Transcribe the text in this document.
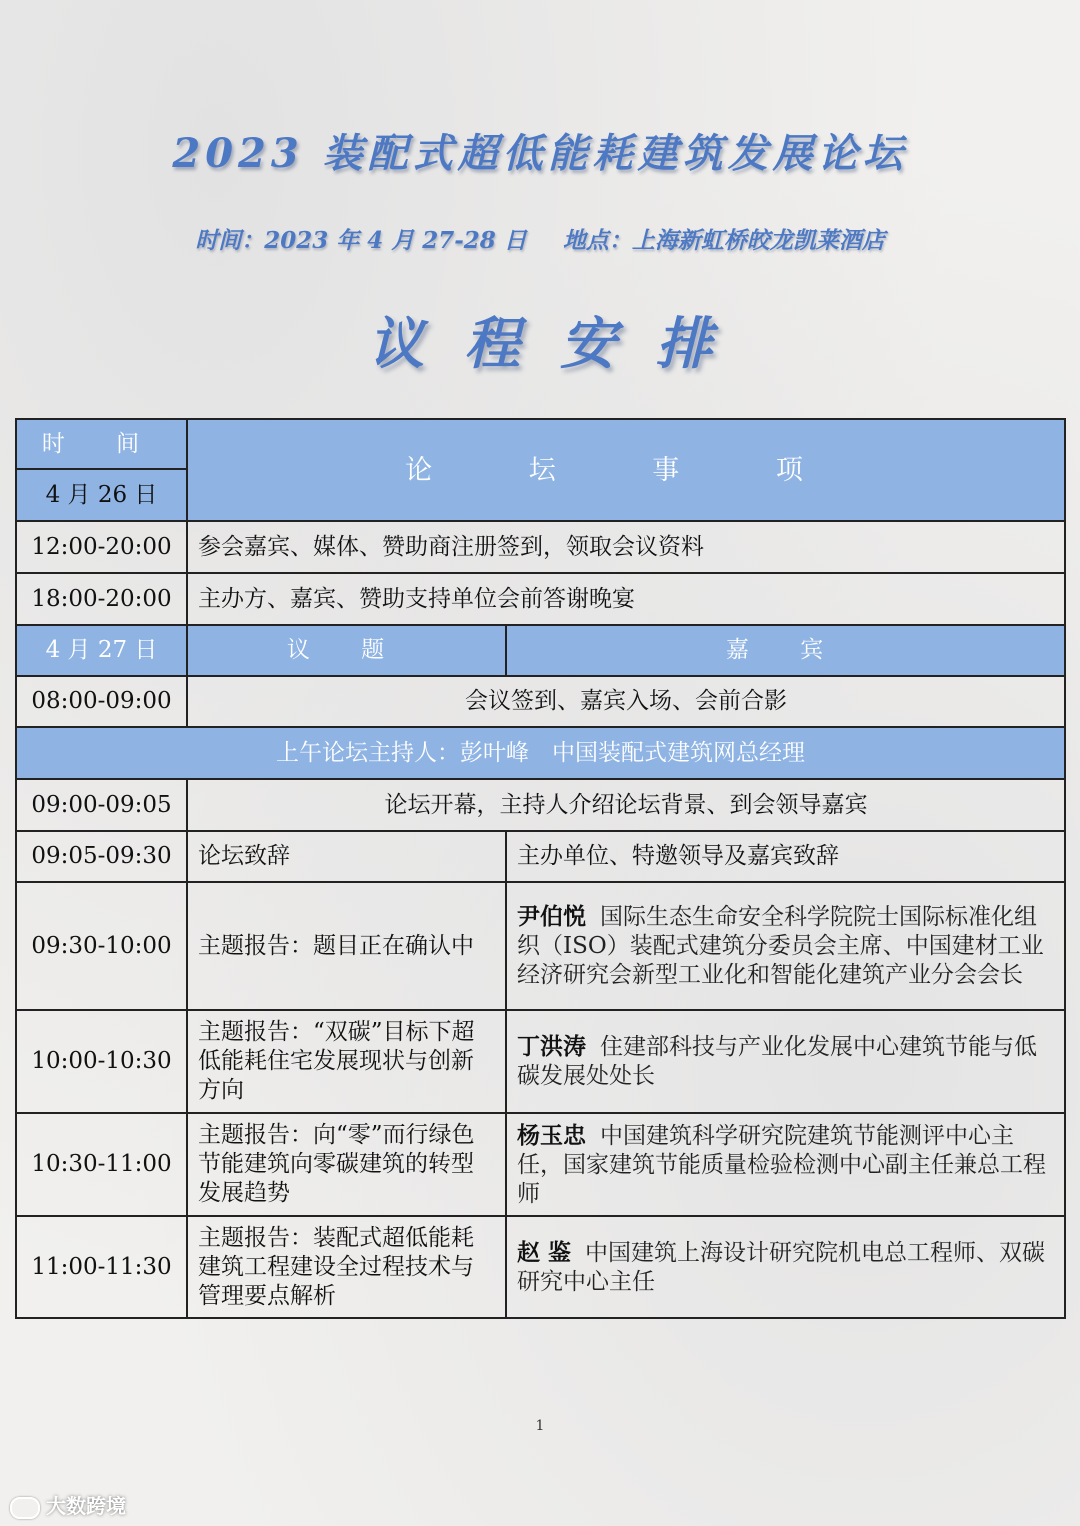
2023 装配式超低能耗建筑发展论坛
时间：2023 年 4 月 27-28 日 地点：上海新虹桥皎龙凯莱酒店
议程安排
时 间	论 坛 事 项	
4 月 26 日		
12:00-20:00	参会嘉宾、媒体、赞助商注册签到，领取会议资料	
18:00-20:00	主办方、嘉宾、赞助支持单位会前答谢晚宴	
4 月 27 日	议 题	嘉 宾
08:00-09:00	会议签到、嘉宾入场、会前合影	
上午论坛主持人：彭叶峰　中国装配式建筑网总经理		
09:00-09:05	论坛开幕，主持人介绍论坛背景、到会领导嘉宾	
09:05-09:30	论坛致辞	主办单位、特邀领导及嘉宾致辞
09:30-10:00	主题报告：题目正在确认中	尹伯悦 国际生态生命安全科学院院士国际标准化组织（ISO）装配式建筑分委员会主席、中国建材工业经济研究会新型工业化和智能化建筑产业分会会长
10:00-10:30	主题报告：“双碳”目标下超低能耗住宅发展现状与创新方向	丁洪涛 住建部科技与产业化发展中心建筑节能与低碳发展处处长
10:30-11:00	主题报告：向“零”而行绿色节能建筑向零碳建筑的转型发展趋势	杨玉忠 中国建筑科学研究院建筑节能测评中心主任，国家建筑节能质量检验检测中心副主任兼总工程师
11:00-11:30	主题报告：装配式超低能耗建筑工程建设全过程技术与管理要点解析	赵 鉴 中国建筑上海设计研究院机电总工程师、双碳研究中心主任
1
大数跨境
